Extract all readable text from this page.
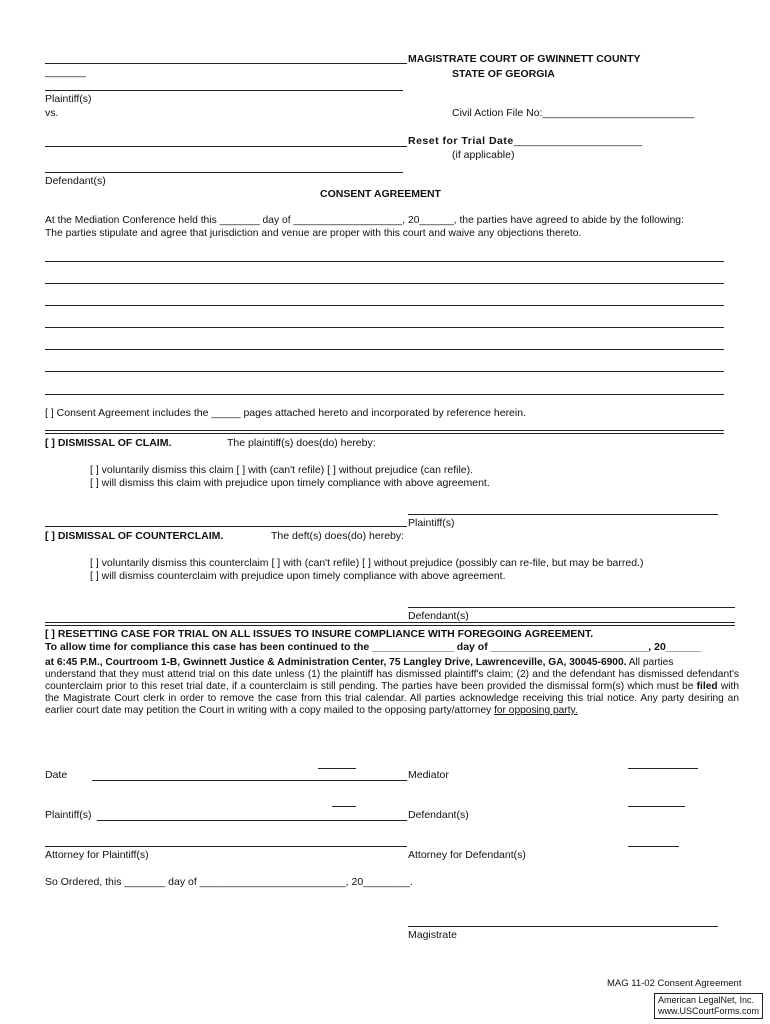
MAGISTRATE COURT OF GWINNETT COUNTY
_______	STATE OF GEORGIA
Plaintiff(s)
vs.	Civil Action File No:__________________________
Reset for Trial Date______________________
(if applicable)
Defendant(s)
CONSENT AGREEMENT
At the Mediation Conference held this _______ day of ___________________, 20______, the parties have agreed to abide by the following:
The parties stipulate and agree that jurisdiction and venue are proper with this court and waive any objections thereto.
[ ] Consent Agreement includes the _____ pages attached hereto and incorporated by reference herein.
[ ] DISMISSAL OF CLAIM.	The plaintiff(s) does(do) hereby:
[ ] voluntarily dismiss this claim [ ] with (can't refile) [ ] without prejudice (can refile).
[ ] will dismiss this claim with prejudice upon timely compliance with above agreement.
Plaintiff(s)
[ ] DISMISSAL OF COUNTERCLAIM.	The deft(s) does(do) hereby:
[ ] voluntarily dismiss this counterclaim [ ] with (can't refile) [ ] without prejudice (possibly can re-file, but may be barred.)
[ ] will dismiss counterclaim with prejudice upon timely compliance with above agreement.
Defendant(s)
[ ] RESETTING CASE FOR TRIAL ON ALL ISSUES TO INSURE COMPLIANCE WITH FOREGOING AGREEMENT.
To allow time for compliance this case has been continued to the ______________ day of ___________________________, 20______
at 6:45 P.M., Courtroom 1-B, Gwinnett Justice & Administration Center, 75 Langley Drive, Lawrenceville, GA, 30045-6900. All parties
understand that they must attend trial on this date unless (1) the plaintiff has dismissed plaintiff's claim; (2) and the defendant has dismissed defendant's counterclaim prior to this reset trial date, if a counterclaim is still pending. The parties have been provided the dismissal form(s) which must be filed with the Magistrate Court clerk in order to remove the case from this trial calendar. All parties acknowledge receiving this trial notice. Any party desiring an earlier court date may petition the Court in writing with a copy mailed to the opposing party/attorney for opposing party.
Date	Mediator
Plaintiff(s)	Defendant(s)
Attorney for Plaintiff(s)	Attorney for Defendant(s)
So Ordered, this _______ day of _________________________, 20________.
Magistrate
MAG 11-02 Consent Agreement
American LegalNet, Inc.
www.USCourtForms.com
